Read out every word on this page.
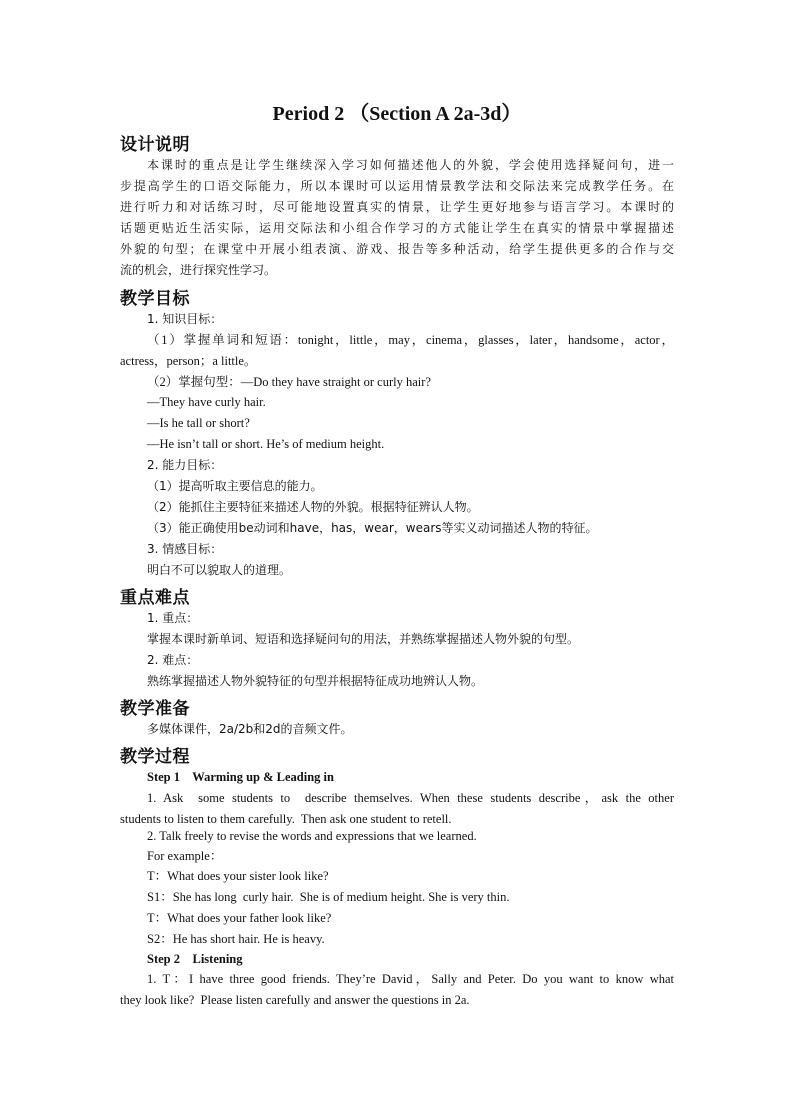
Period 2 （Section A 2a-3d）
设计说明
本课时的重点是让学生继续深入学习如何描述他人的外貌，学会使用选择疑问句，进一
步提高学生的口语交际能力，所以本课时可以运用情景教学法和交际法来完成教学任务。在
进行听力和对话练习时，尽可能地设置真实的情景，让学生更好地参与语言学习。本课时的
话题更贴近生活实际，运用交际法和小组合作学习的方式能让学生在真实的情景中掌握描述
外貌的句型；在课堂中开展小组表演、游戏、报告等多种活动，给学生提供更多的合作与交
流的机会，进行探究性学习。
教学目标
1. 知识目标：
（1）掌握单词和短语：tonight，little，may，cinema，glasses，later，handsome，actor，
actress，person；a little。
（2）掌握句型：—Do they have straight or curly hair?
—They have curly hair.
—Is he tall or short?
—He isn’t tall or short. He’s of medium height.
2. 能力目标：
（1）提高听取主要信息的能力。
（2）能抓住主要特征来描述人物的外貌。根据特征辨认人物。
（3）能正确使用be动词和have，has，wear，wears等实义动词描述人物的特征。
3. 情感目标：
明白不可以貌取人的道理。
重点难点
1. 重点：
掌握本课时新单词、短语和选择疑问句的用法，并熟练掌握描述人物外貌的句型。
2. 难点：
熟练掌握描述人物外貌特征的句型并根据特征成功地辨认人物。
教学准备
多媒体课件，2a/2b和2d的音频文件。
教学过程
Step 1    Warming up & Leading in
1. Ask  some students to  describe themselves. When these students describe，ask the other
students to listen to them carefully.  Then ask one student to retell.
2. Talk freely to revise the words and expressions that we learned.
For example：
T：What does your sister look like?
S1：She has long  curly hair.  She is of medium height. She is very thin.
T：What does your father look like?
S2：He has short hair. He is heavy.
Step 2    Listening
1. T：I have three good friends. They’re David，Sally and Peter. Do you want to know what
they look like?  Please listen carefully and answer the questions in 2a.
